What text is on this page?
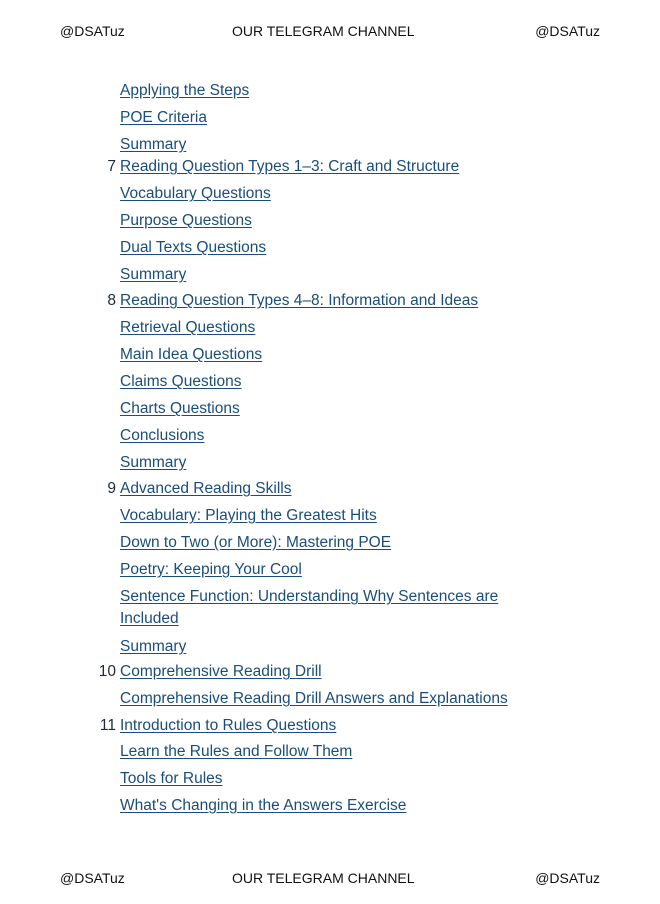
@DSATuz	OUR TELEGRAM CHANNEL	@DSATuz
Applying the Steps
POE Criteria
Summary
7 Reading Question Types 1–3: Craft and Structure
Vocabulary Questions
Purpose Questions
Dual Texts Questions
Summary
8 Reading Question Types 4–8: Information and Ideas
Retrieval Questions
Main Idea Questions
Claims Questions
Charts Questions
Conclusions
Summary
9 Advanced Reading Skills
Vocabulary: Playing the Greatest Hits
Down to Two (or More): Mastering POE
Poetry: Keeping Your Cool
Sentence Function: Understanding Why Sentences are Included
Summary
10 Comprehensive Reading Drill
Comprehensive Reading Drill Answers and Explanations
11 Introduction to Rules Questions
Learn the Rules and Follow Them
Tools for Rules
What's Changing in the Answers Exercise
@DSATuz	OUR TELEGRAM CHANNEL	@DSATuz
